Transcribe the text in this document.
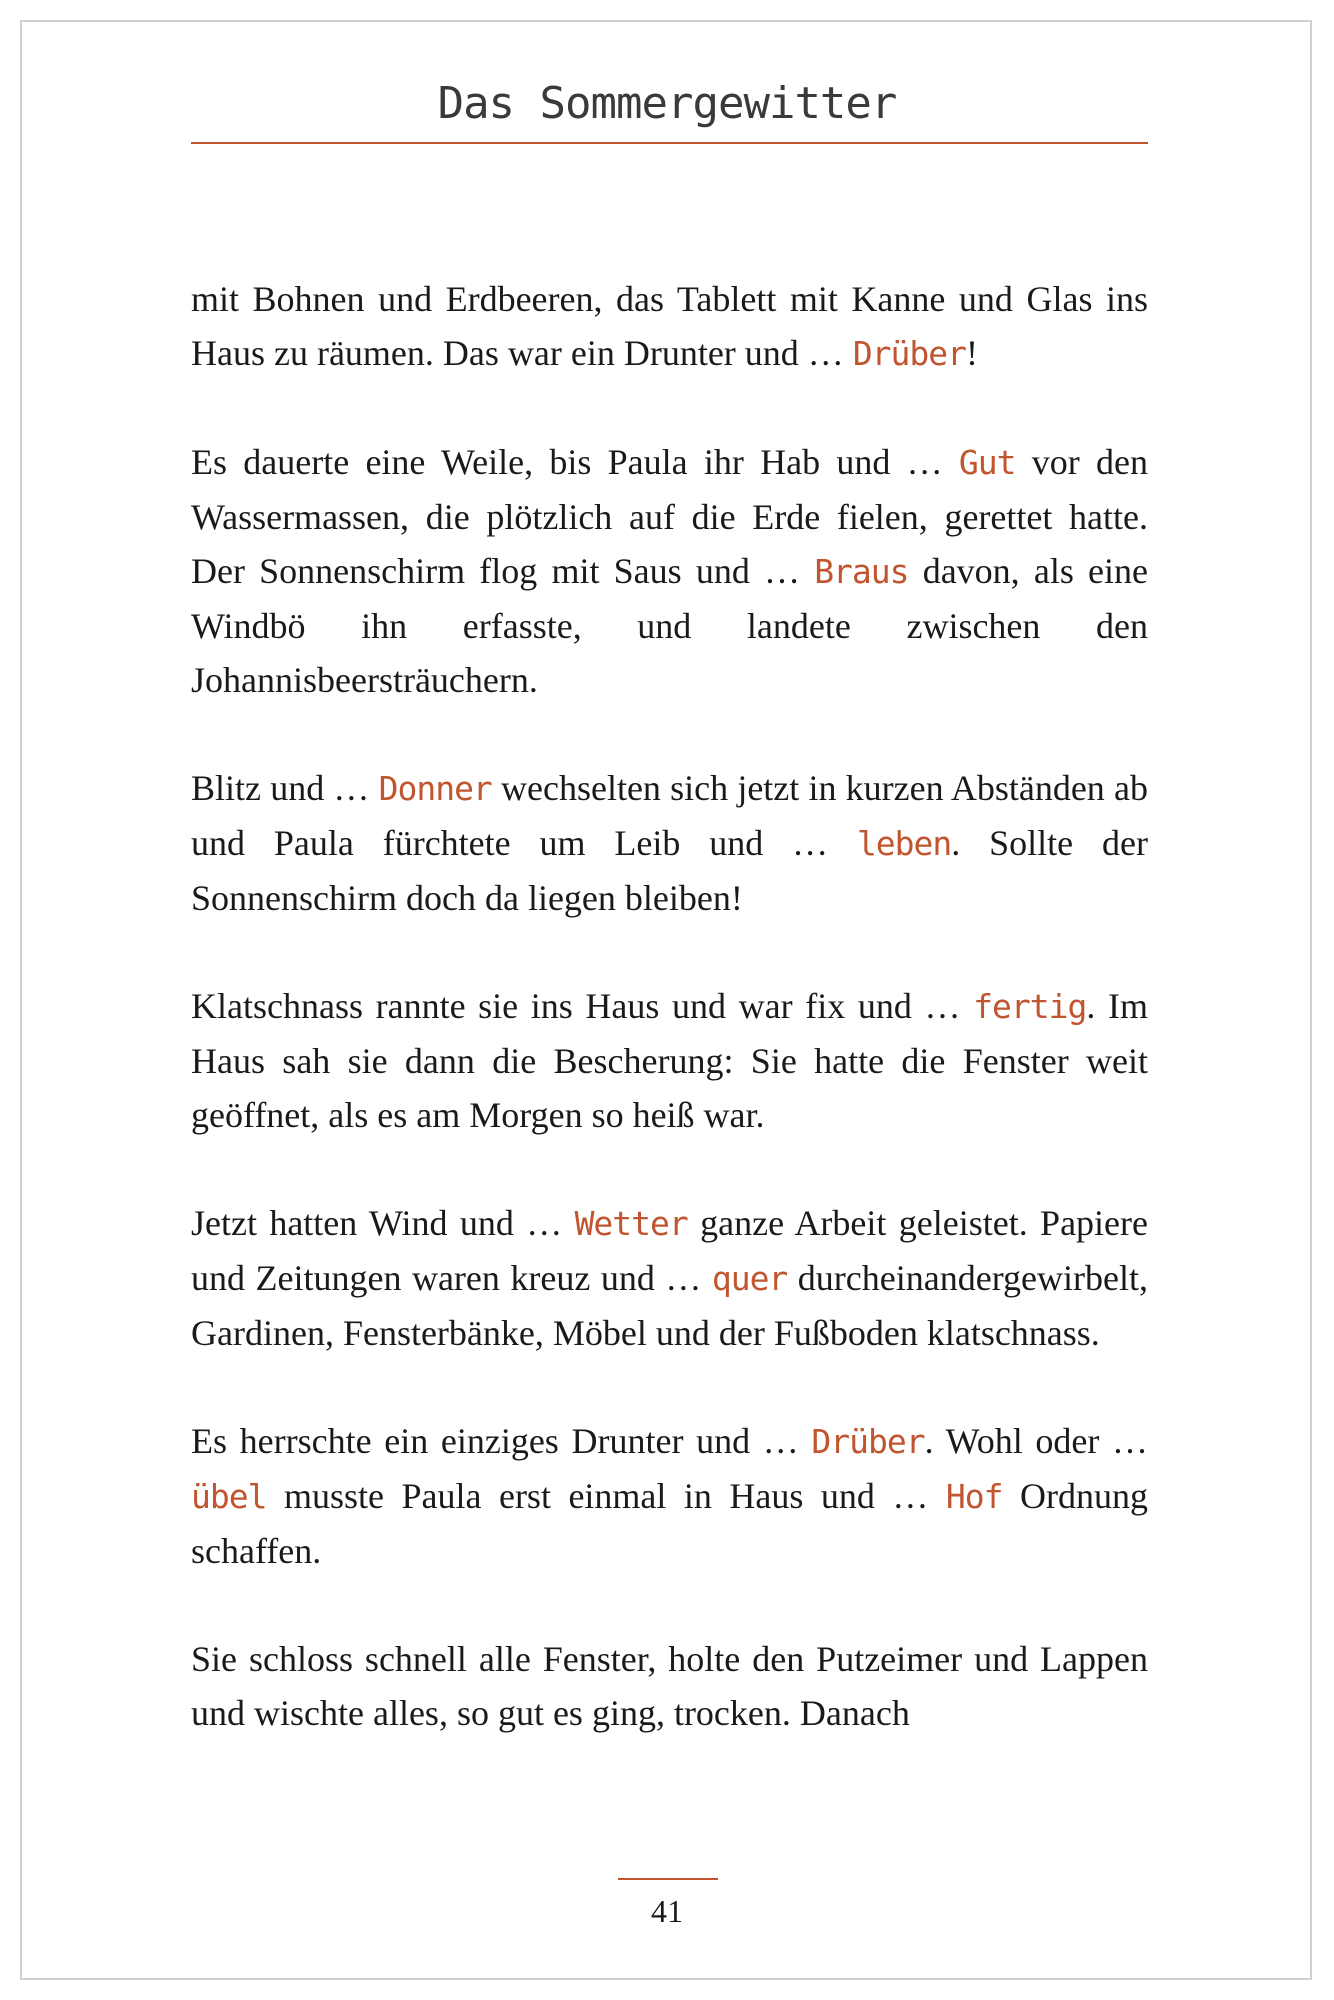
Das Sommergewitter

mit Bohnen und Erdbeeren, das Tablett mit Kanne und Glas ins Haus zu räumen. Das war ein Drunter und … Drüber!

Es dauerte eine Weile, bis Paula ihr Hab und … Gut vor den Wassermassen, die plötzlich auf die Erde fielen, gerettet hatte. Der Sonnenschirm flog mit Saus und … Braus davon, als eine Windbö ihn erfasste, und landete zwischen den Johannisbeersträuchern.

Blitz und … Donner wechselten sich jetzt in kurzen Abständen ab und Paula fürchtete um Leib und … leben. Sollte der Sonnenschirm doch da liegen bleiben!

Klatschnass rannte sie ins Haus und war fix und … fertig. Im Haus sah sie dann die Bescherung: Sie hatte die Fenster weit geöffnet, als es am Morgen so heiß war.

Jetzt hatten Wind und … Wetter ganze Arbeit geleistet. Papiere und Zeitungen waren kreuz und … quer durcheinandergewirbelt, Gardinen, Fensterbänke, Möbel und der Fußboden klatschnass.

Es herrschte ein einziges Drunter und … Drüber. Wohl oder … übel musste Paula erst einmal in Haus und … Hof Ordnung schaffen.

Sie schloss schnell alle Fenster, holte den Putzeimer und Lappen und wischte alles, so gut es ging, trocken. Danach

41
